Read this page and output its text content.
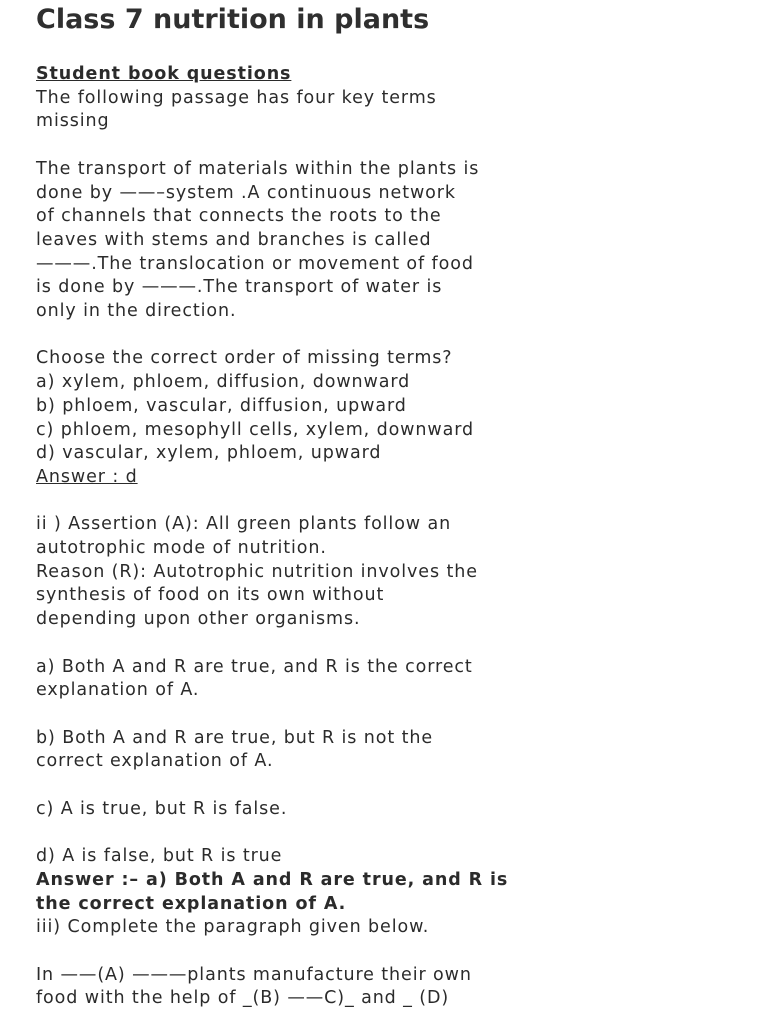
Class 7 nutrition in plants
Student book questions
The following passage has four key terms
missing
The transport of materials within the plants is
done by ——–system .A continuous network
of channels that connects the roots to the
leaves with stems and branches is called
———.The translocation or movement of food
is done by ———.The transport of water is
only in the direction.
Choose the correct order of missing terms?
a) xylem, phloem, diffusion, downward
b) phloem, vascular, diffusion, upward
c) phloem, mesophyll cells, xylem, downward
d) vascular, xylem, phloem, upward
Answer : d
ii ) Assertion (A): All green plants follow an
autotrophic mode of nutrition.
Reason (R): Autotrophic nutrition involves the
synthesis of food on its own without
depending upon other organisms.
a) Both A and R are true, and R is the correct
explanation of A.
b) Both A and R are true, but R is not the
correct explanation of A.
c) A is true, but R is false.
d) A is false, but R is true
Answer :– a) Both A and R are true, and R is
the correct explanation of A.
iii) Complete the paragraph given below.
In ——(A) ———plants manufacture their own
food with the help of _(B) ——C)_ and _ (D)
